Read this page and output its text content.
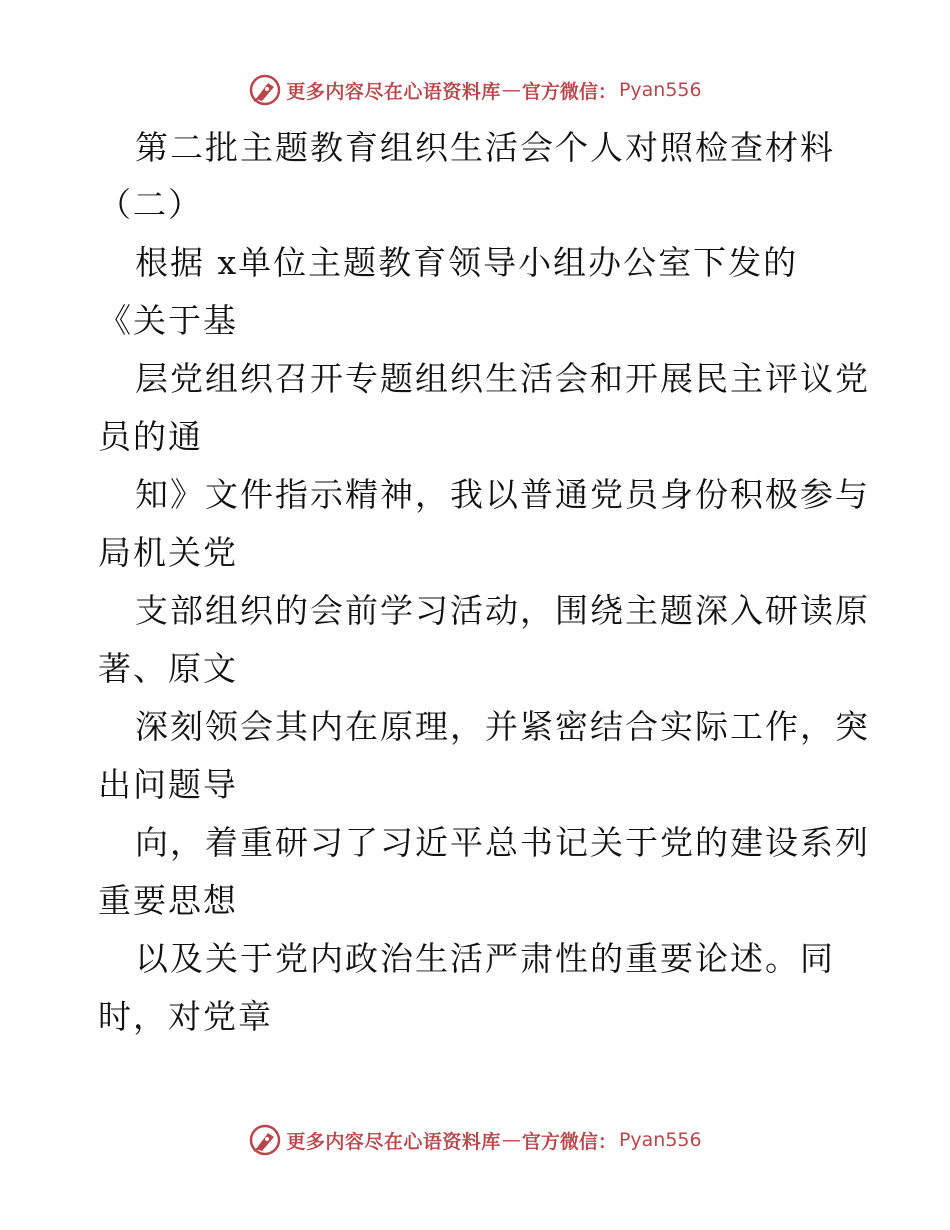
更多内容尽在心语资料库 — 官方微信： Pyan556
第二批主题教育组织生活会个人对照检查材料
（二）
根据 x单位主题教育领导小组办公室下发的
《关于基
层党组织召开专题组织生活会和开展民主评议党
员的通
知》文件指示精神，我以普通党员身份积极参与
局机关党
支部组织的会前学习活动，围绕主题深入研读原
著、原文
深刻领会其内在原理，并紧密结合实际工作，突
出问题导
向，着重研习了习近平总书记关于党的建设系列
重要思想
以及关于党内政治生活严肃性的重要论述。同
时，对党章
更多内容尽在心语资料库 — 官方微信： Pyan556
